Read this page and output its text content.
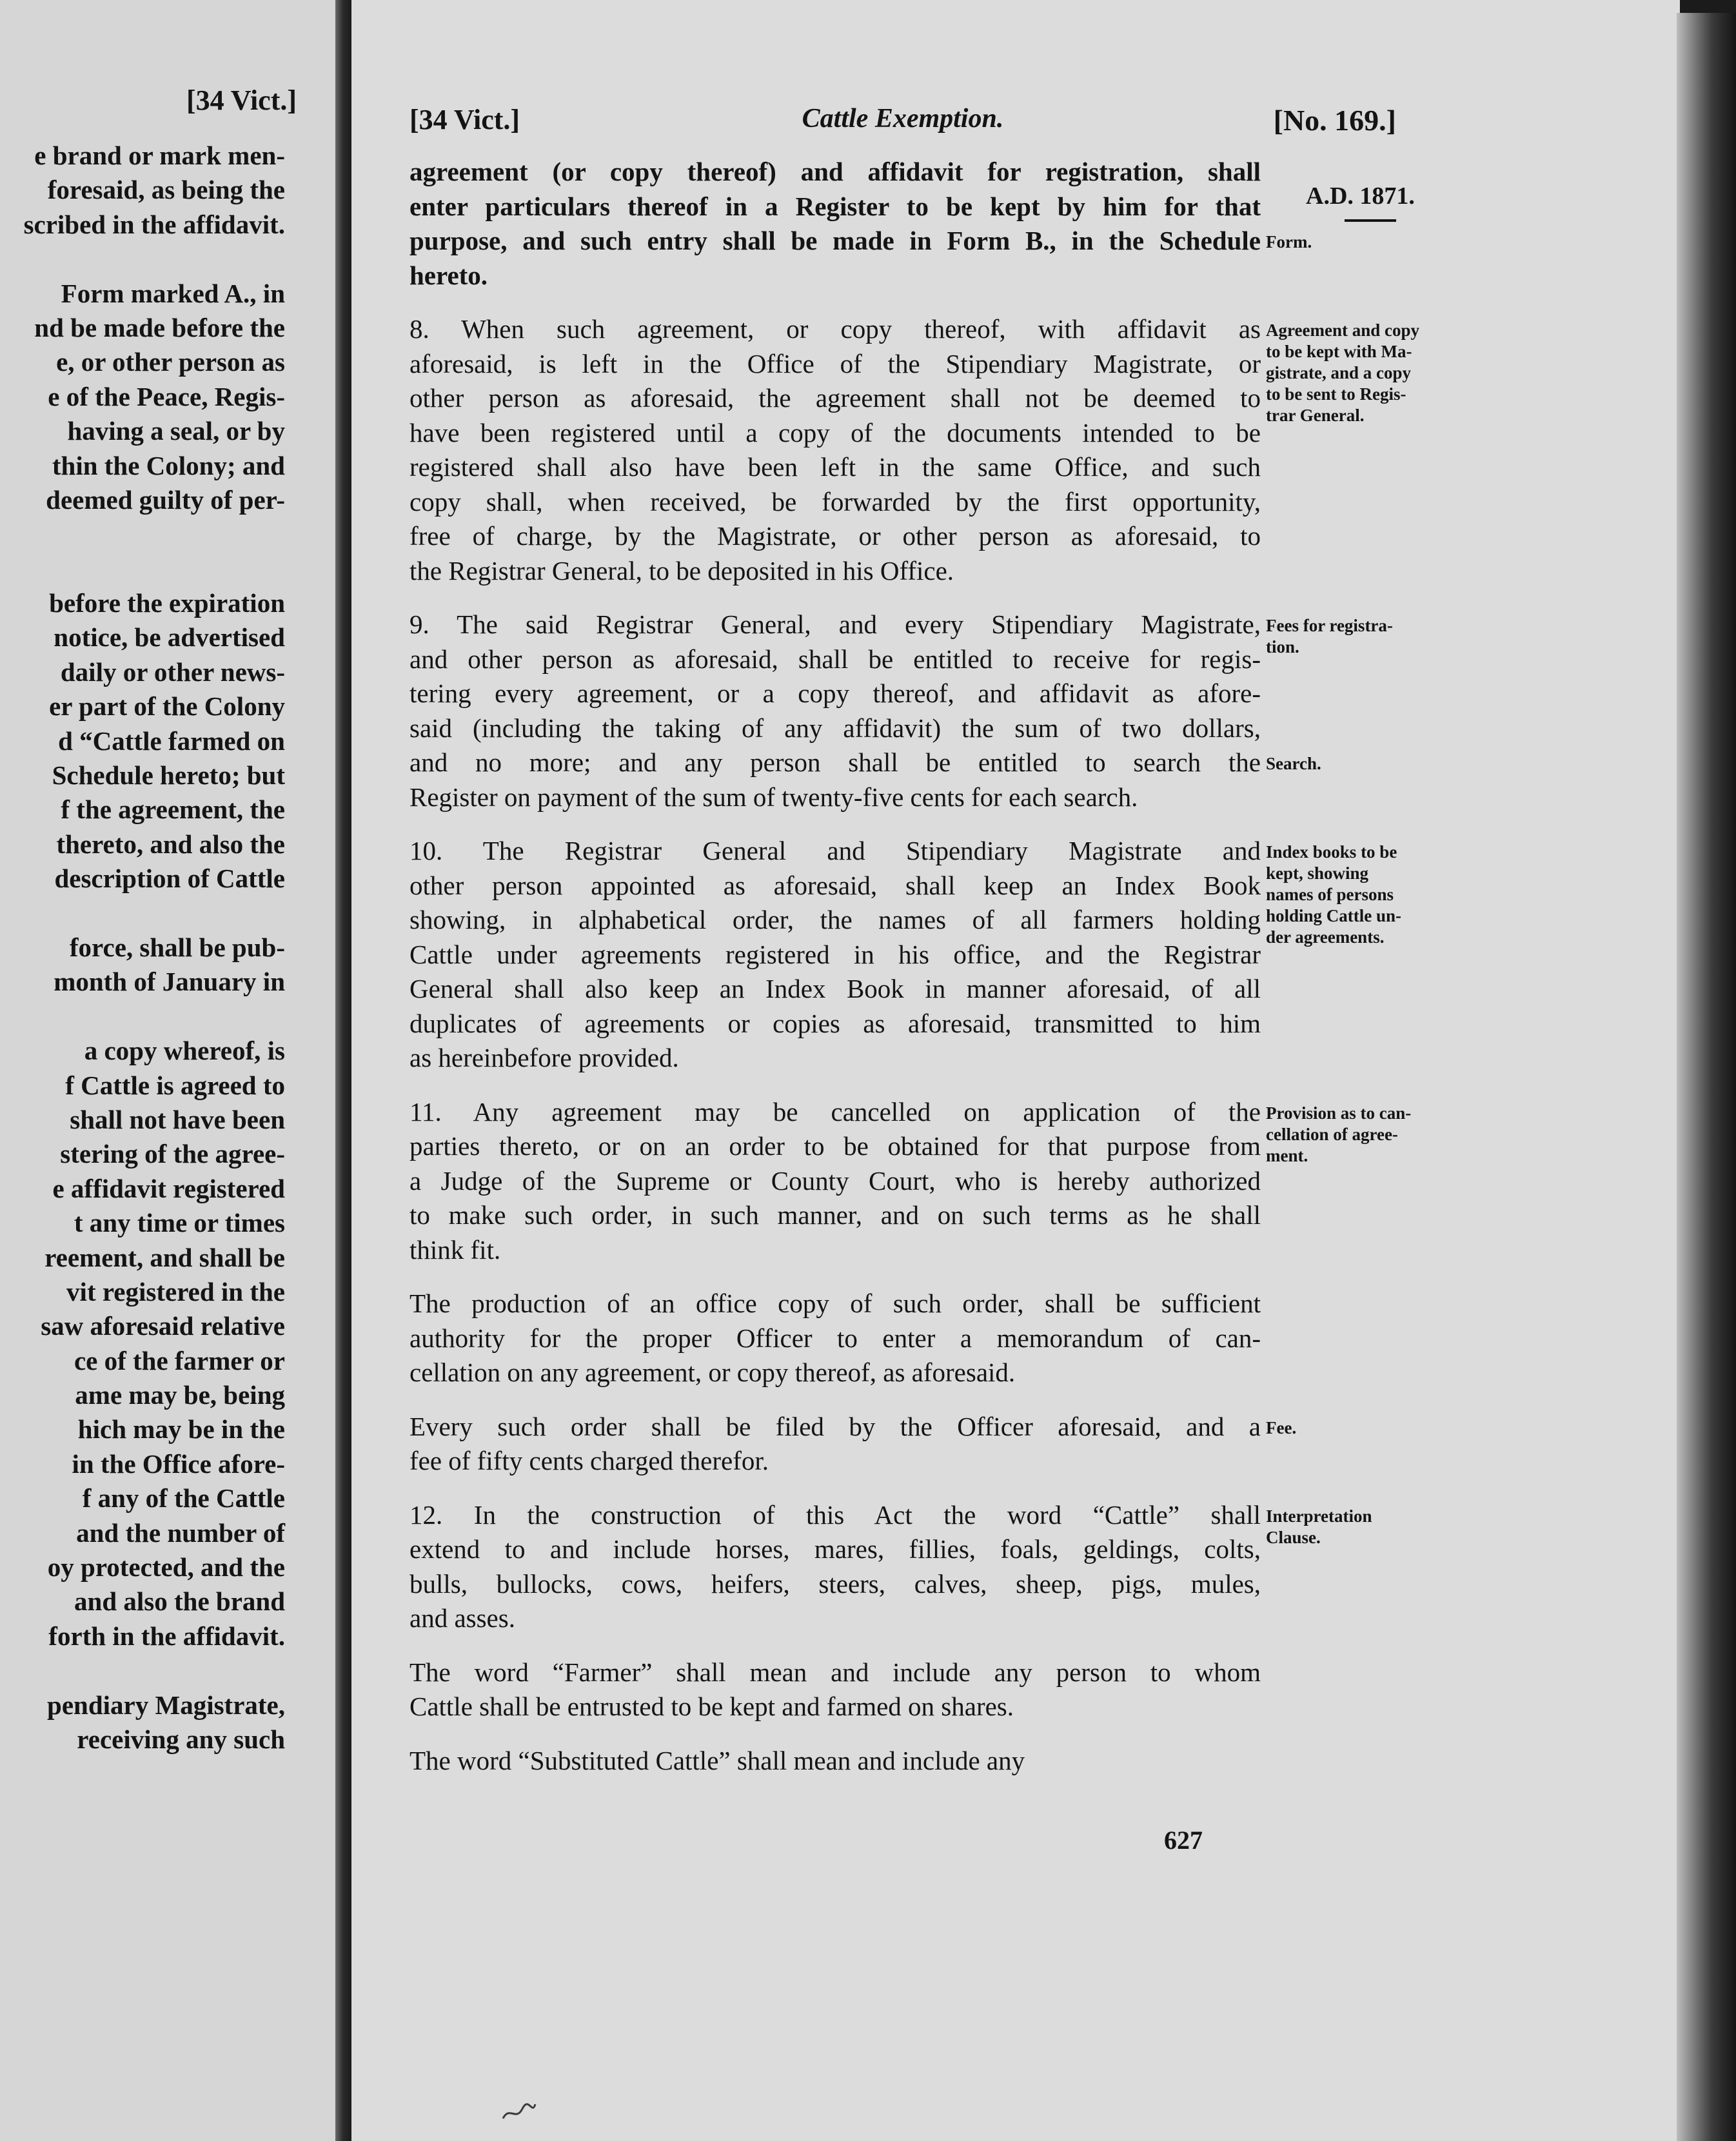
[34 Vict.]
e brand or mark men-
foresaid, as being the
scribed in the affidavit.
Form marked A., in
nd be made before the
e, or other person as
e of the Peace, Regis-
having a seal, or by
thin the Colony; and
deemed guilty of per-
before the expiration
notice, be advertised
daily or other news-
er part of the Colony
d “Cattle farmed on
Schedule hereto; but
f the agreement, the
thereto, and also the
description of Cattle
force, shall be pub-
month of January in
a copy whereof, is
f Cattle is agreed to
shall not have been
stering of the agree-
e affidavit registered
t any time or times
reement, and shall be
vit registered in the
saw aforesaid relative
ce of the farmer or
ame may be, being
hich may be in the
in the Office afore-
f any of the Cattle
and the number of
oy protected, and the
and also the brand
forth in the affidavit.
pendiary Magistrate,
receiving any such
[34 Vict.]	Cattle Exemption.	[No. 169.]
A.D. 1871.
agreement (or copy thereof) and affidavit for registration, shall
enter particulars thereof in a Register to be kept by him for that
purpose, and such entry shall be made in Form B., in the Schedule
hereto.
8. When such agreement, or copy thereof, with affidavit as
aforesaid, is left in the Office of the Stipendiary Magistrate, or
other person as aforesaid, the agreement shall not be deemed to
have been registered until a copy of the documents intended to be
registered shall also have been left in the same Office, and such
copy shall, when received, be forwarded by the first opportunity,
free of charge, by the Magistrate, or other person as aforesaid, to
the Registrar General, to be deposited in his Office.
9. The said Registrar General, and every Stipendiary Magistrate,
and other person as aforesaid, shall be entitled to receive for regis-
tering every agreement, or a copy thereof, and affidavit as afore-
said (including the taking of any affidavit) the sum of two dollars,
and no more; and any person shall be entitled to search the
Register on payment of the sum of twenty-five cents for each search.
10. The Registrar General and Stipendiary Magistrate and
other person appointed as aforesaid, shall keep an Index Book
showing, in alphabetical order, the names of all farmers holding
Cattle under agreements registered in his office, and the Registrar
General shall also keep an Index Book in manner aforesaid, of all
duplicates of agreements or copies as aforesaid, transmitted to him
as hereinbefore provided.
11. Any agreement may be cancelled on application of the
parties thereto, or on an order to be obtained for that purpose from
a Judge of the Supreme or County Court, who is hereby authorized
to make such order, in such manner, and on such terms as he shall
think fit.
The production of an office copy of such order, shall be sufficient
authority for the proper Officer to enter a memorandum of can-
cellation on any agreement, or copy thereof, as aforesaid.
Every such order shall be filed by the Officer aforesaid, and a
fee of fifty cents charged therefor.
12. In the construction of this Act the word “Cattle” shall
extend to and include horses, mares, fillies, foals, geldings, colts,
bulls, bullocks, cows, heifers, steers, calves, sheep, pigs, mules,
and asses.
The word “Farmer” shall mean and include any person to whom
Cattle shall be entrusted to be kept and farmed on shares.
The word “Substituted Cattle” shall mean and include any
Form.
Agreement and copy
to be kept with Ma-
gistrate, and a copy
to be sent to Regis-
trar General.
Fees for registra-
tion.
Search.
Index books to be
kept, showing
names of persons
holding Cattle un-
der agreements.
Provision as to can-
cellation of agree-
ment.
Fee.
Interpretation
Clause.
627
